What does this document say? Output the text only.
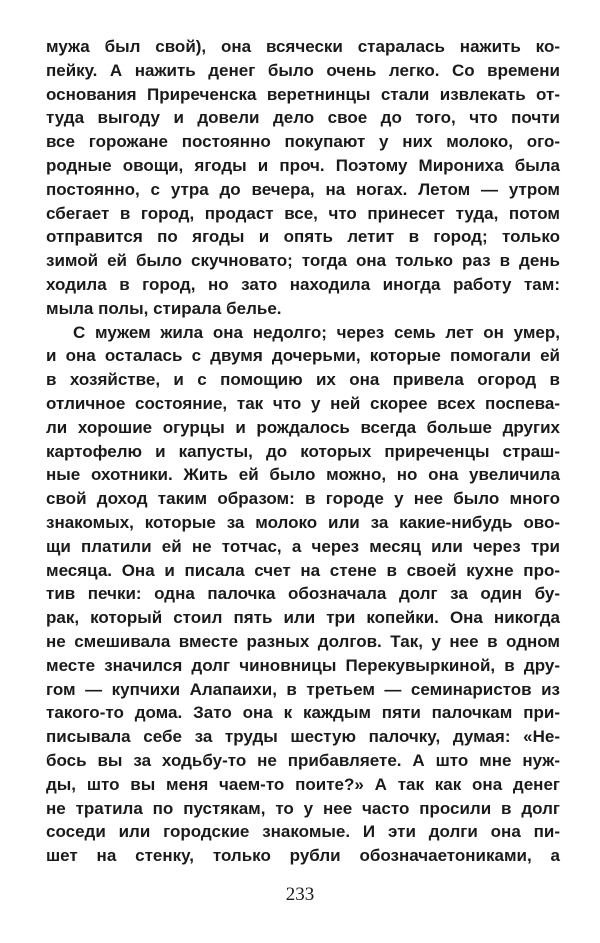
мужа был свой), она всячески старалась нажить ко-
пейку. А нажить денег было очень легко. Со времени
основания Приреченска веретнинцы стали извлекать от-
туда выгоду и довели дело свое до того, что почти
все горожане постоянно покупают у них молоко, ого-
родные овощи, ягоды и проч. Поэтому Мирониха была
постоянно, с утра до вечера, на ногах. Летом — утром
сбегает в город, продаст все, что принесет туда, потом
отправится по ягоды и опять летит в город; только
зимой ей было скучновато; тогда она только раз в день
ходила в город, но зато находила иногда работу там:
мыла полы, стирала белье.
С мужем жила она недолго; через семь лет он умер,
и она осталась с двумя дочерьми, которые помогали ей
в хозяйстве, и с помощию их она привела огород в
отличное состояние, так что у ней скорее всех поспева-
ли хорошие огурцы и рождалось всегда больше других
картофелю и капусты, до которых приреченцы страш-
ные охотники. Жить ей было можно, но она увеличила
свой доход таким образом: в городе у нее было много
знакомых, которые за молоко или за какие-нибудь ово-
щи платили ей не тотчас, а через месяц или через три
месяца. Она и писала счет на стене в своей кухне про-
тив печки: одна палочка обозначала долг за один бу-
рак, который стоил пять или три копейки. Она никогда
не смешивала вместе разных долгов. Так, у нее в одном
месте значился долг чиновницы Перекувыркиной, в дру-
гом — купчихи Алапаихи, в третьем — семинаристов из
такого-то дома. Зато она к каждым пяти палочкам при-
писывала себе за труды шестую палочку, думая: «Не-
бось вы за ходьбу-то не прибавляете. А што мне нуж-
ды, што вы меня чаем-то поите?» А так как она денег
не тратила по пустякам, то у нее часто просили в долг
соседи или городские знакомые. И эти долги она пи-
шет на стенку, только рубли обозначаетониками, а
233
